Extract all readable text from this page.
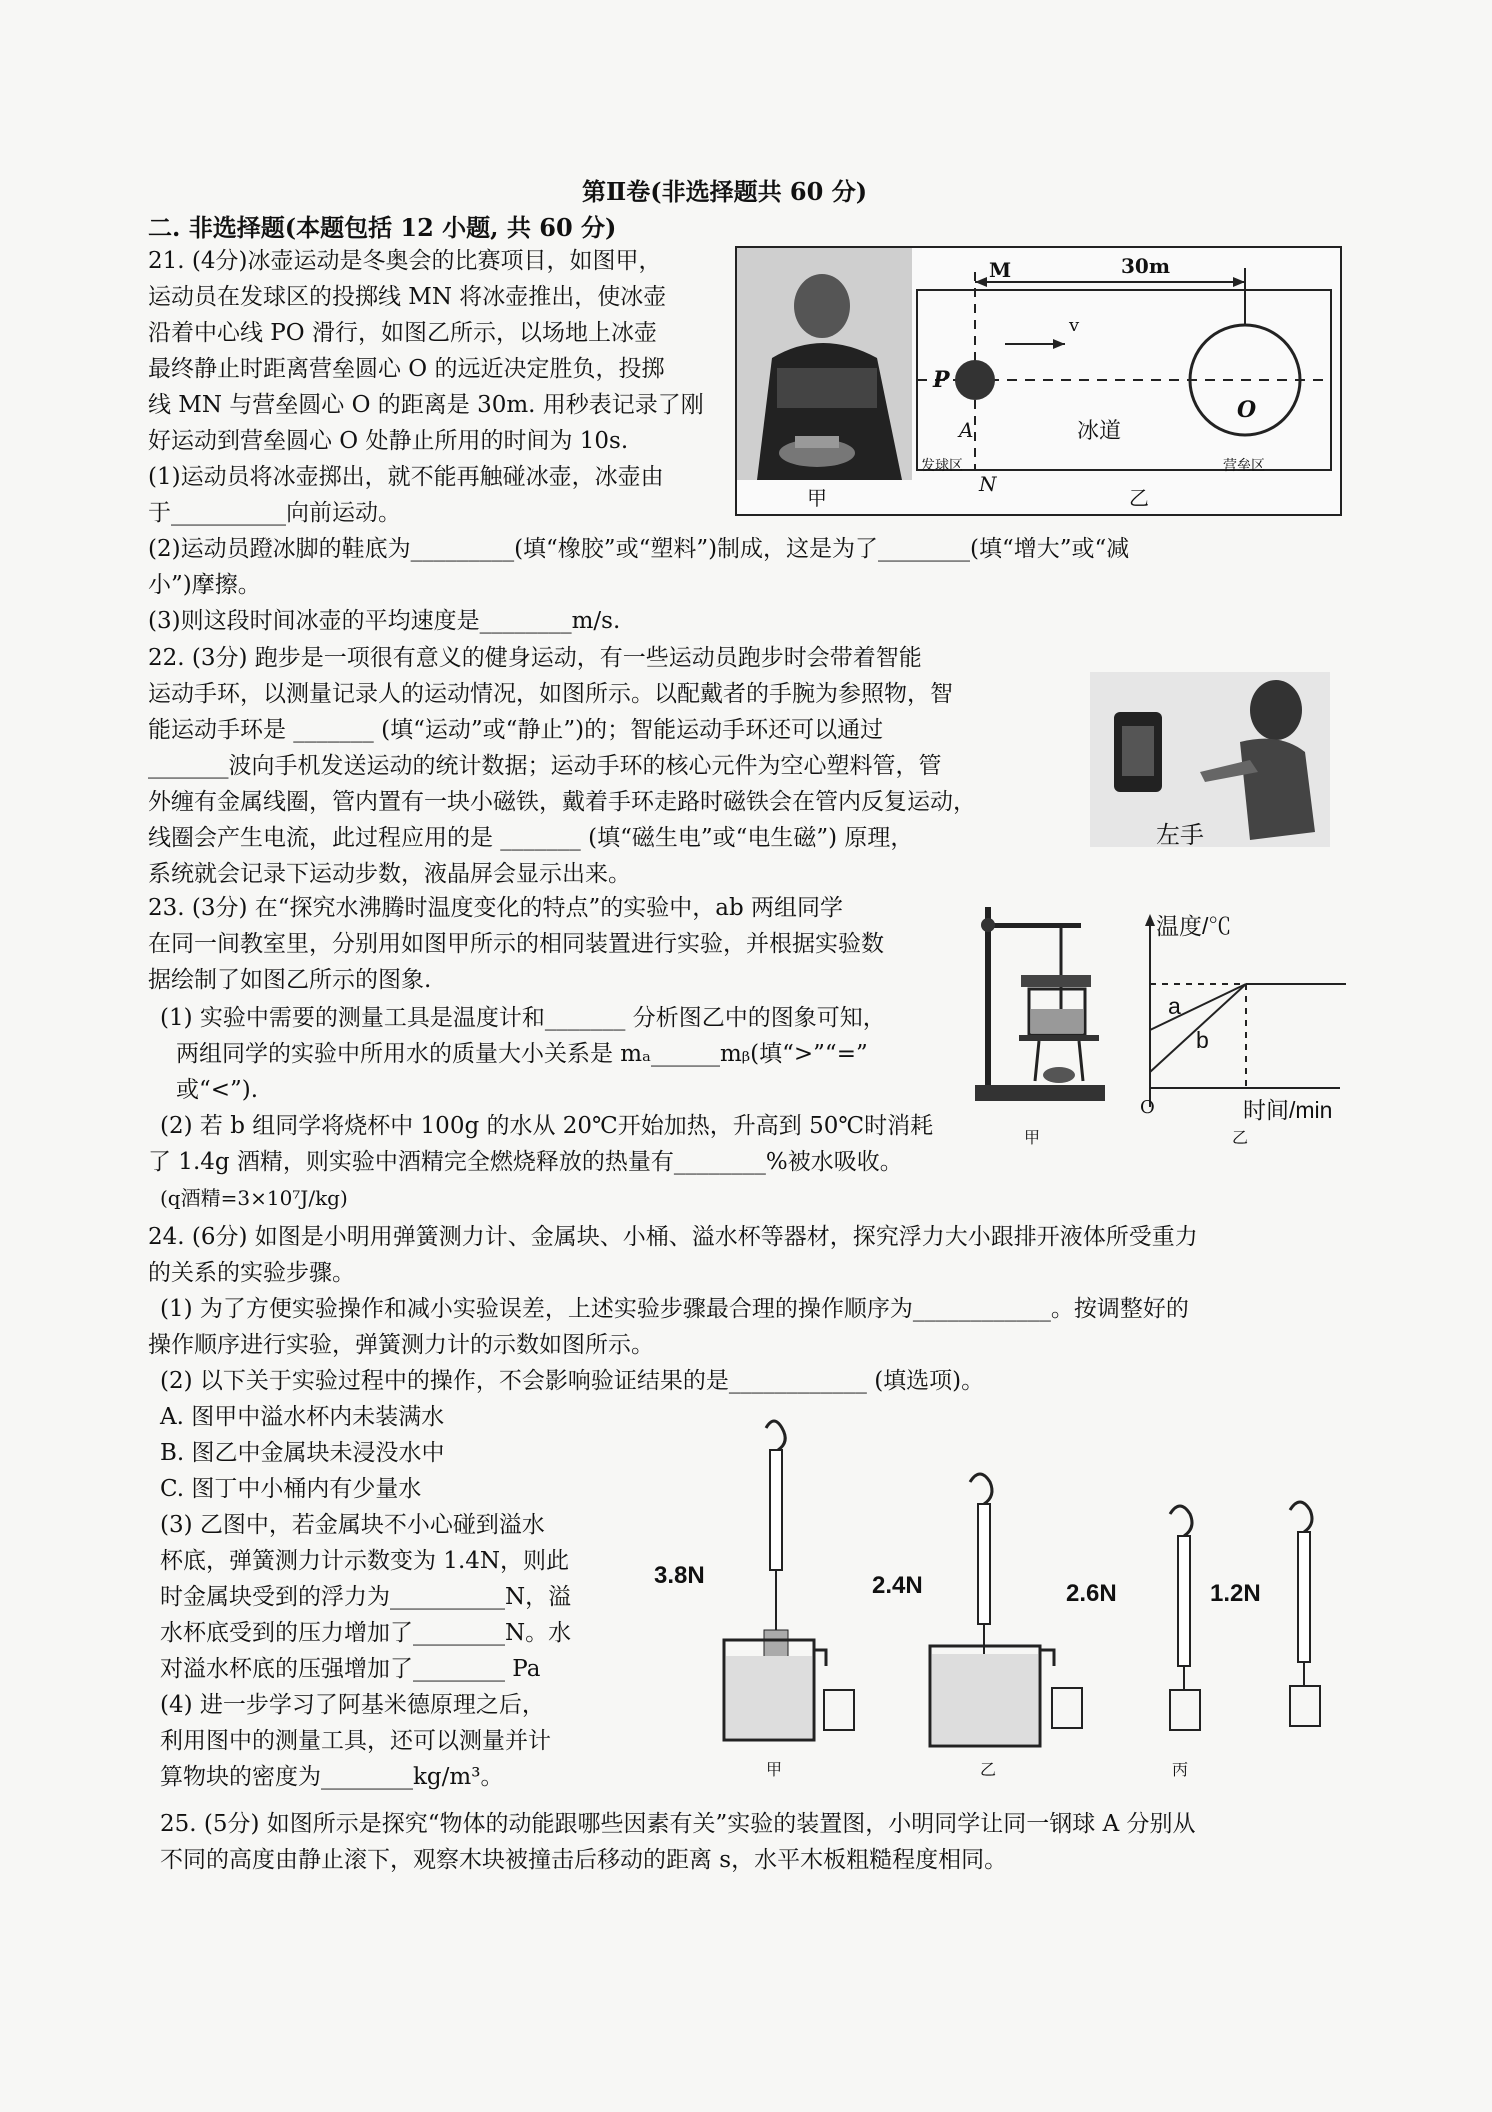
第Ⅱ卷(非选择题共 60 分)
二. 非选择题(本题包括 12 小题, 共 60 分)
21. (4分)冰壶运动是冬奥会的比赛项目，如图甲，
运动员在发球区的投掷线 MN 将冰壶推出，使冰壶
沿着中心线 PO 滑行，如图乙所示，以场地上冰壶
最终静止时距离营垒圆心 O 的远近决定胜负，投掷
线 MN 与营垒圆心 O 的距离是 30m. 用秒表记录了刚
好运动到营垒圆心 O 处静止所用的时间为 10s.
(1)运动员将冰壶掷出，就不能再触碰冰壶，冰壶由
于__________向前运动。
(2)运动员蹬冰脚的鞋底为_________(填“橡胶”或“塑料”)制成，这是为了________(填“增大”或“减
小”)摩擦。
(3)则这段时间冰壶的平均速度是________m/s.
M	30m
v
P
A
O
冰道
发球区	营垒区
N
甲	乙
22. (3分) 跑步是一项很有意义的健身运动，有一些运动员跑步时会带着智能
运动手环，以测量记录人的运动情况，如图所示。以配戴者的手腕为参照物，智
能运动手环是 _______ (填“运动”或“静止”)的；智能运动手环还可以通过
_______波向手机发送运动的统计数据；运动手环的核心元件为空心塑料管，管
外缠有金属线圈，管内置有一块小磁铁，戴着手环走路时磁铁会在管内反复运动，
线圈会产生电流，此过程应用的是 _______ (填“磁生电”或“电生磁”) 原理，
系统就会记录下运动步数，液晶屏会显示出来。
左手
23. (3分) 在“探究水沸腾时温度变化的特点”的实验中，ab 两组同学
在同一间教室里，分别用如图甲所示的相同装置进行实验，并根据实验数
据绘制了如图乙所示的图象.
(1) 实验中需要的测量工具是温度计和_______ 分析图乙中的图象可知，
两组同学的实验中所用水的质量大小关系是 mₐ______mᵦ(填“>”“=”
或“<”).
(2) 若 b 组同学将烧杯中 100g 的水从 20℃开始加热，升高到 50℃时消耗
了 1.4g 酒精，则实验中酒精完全燃烧释放的热量有________%被水吸收。
(q酒精=3×10⁷J/kg)
甲
温度/℃
a
b
O	时间/min
乙
24. (6分) 如图是小明用弹簧测力计、金属块、小桶、溢水杯等器材，探究浮力大小跟排开液体所受重力
的关系的实验步骤。
(1) 为了方便实验操作和减小实验误差，上述实验步骤最合理的操作顺序为____________。按调整好的
操作顺序进行实验，弹簧测力计的示数如图所示。
(2) 以下关于实验过程中的操作，不会影响验证结果的是____________ (填选项)。
A. 图甲中溢水杯内未装满水
B. 图乙中金属块未浸没水中
C. 图丁中小桶内有少量水
(3) 乙图中，若金属块不小心碰到溢水
杯底，弹簧测力计示数变为 1.4N，则此
时金属块受到的浮力为__________N，溢
水杯底受到的压力增加了________N。水
对溢水杯底的压强增加了________ Pa
(4) 进一步学习了阿基米德原理之后，
利用图中的测量工具，还可以测量并计
算物块的密度为________kg/m³。
3.8N	2.4N	2.6N	1.2N
甲	乙	丙
25. (5分) 如图所示是探究“物体的动能跟哪些因素有关”实验的装置图，小明同学让同一钢球 A 分别从
不同的高度由静止滚下，观察木块被撞击后移动的距离 s，水平木板粗糙程度相同。
